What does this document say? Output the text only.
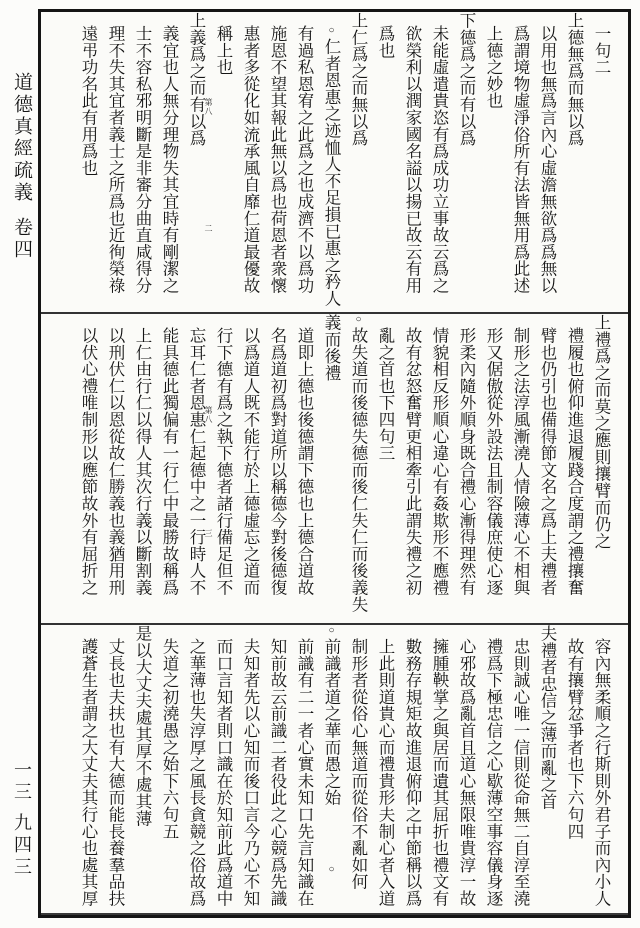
道德真經疏義卷四
一三九四三
一句二
上德無爲而無以爲
以用也無爲言內心虛澹無欲爲爲無以
爲謂境物虛淨俗所有法皆無用爲此述
上德之妙也
下德爲之而有以爲
未能虛遣貴恣有爲成功立事故云爲之
欲榮利以潤家國名謚以揚已故云有用
爲也
上仁爲之而無以爲
○仁者恩惠之迹恤人不足損已惠之矜人
有過私恩宥之此爲之也成濟不以爲功
施恩不望其報此無以爲也荷恩者衆懷
惠者多從化如流承風自靡仁道最優故
稱上也
上義爲之而有以爲
義宜也人無分理物失其宜時有剛潔之
士不容私邪明斷是非審分曲直咸得分
理不失其宜者義士之所爲也近徇榮祿
遠弔功名此有用爲也	第八
二
上禮爲之而莫之應則攘臂而仍之
禮履也俯仰進退履踐合度謂之禮攘奮
臂也仍引也備得節文名之爲上夫禮者
制形之法淳風漸澆人情險薄心不相與
形又倨傲從外設法且制容儀庶使心逐
形柔內隨外順身既合禮心漸得理然有
情貌相反形順心違心有姦欺形不應禮
故有忿怒奮臂更相牽引此謂失禮之初
亂之首也下四句三
○故失道而後德失德而後仁失仁而後義失
義而後禮
道即上德也後德謂下德也上德合道故
名爲道初爲對道所以稱德今對後德復
以爲道人既不能行於上德虛忘之道而
行下德有爲之執下德者諸行備足但不
忘耳仁者恩惠仁起德中之一行時人不
能具德此獨偏有一行仁中最勝故稱爲
上仁由行仁以得人其次行義以斷割義
以刑伏仁以恩從故仁勝義也義猶用刑
以伏心禮唯制形以應節故外有屈折之	第八
三
容內無柔順之行斯則外君子而內小人
故有攘臂忿爭者也下六句四
夫禮者忠信之薄而亂之首
忠則誠心唯一信則從命無二自淳至澆
禮爲下極忠信之心歇薄空事容儀身逐
心邪故爲亂首且道心無限唯貴淳一故
擁腫鞅掌之與居而遺其屈折也禮文有
數務存規矩故進退俯仰之中節稱以爲
上此則道貴心而禮貴形夫制心者入道
制形者從俗心無道而從俗不亂如何
○前識者道之華而愚之始○
前識有二一者心實未知口先言知識在
知前故云前識二者役此之心競爲先識
夫知者先以心知而後口言今乃心不知
而口言知者則口識在於知前此爲道中
之華薄也失淳厚之風長貪競之俗故爲
失道之初澆愚之始下六句五
是以大丈夫處其厚不處其薄
丈長也夫扶也有大德而能長養羣品扶
護蒼生者謂之大丈夫其行心也處其厚
